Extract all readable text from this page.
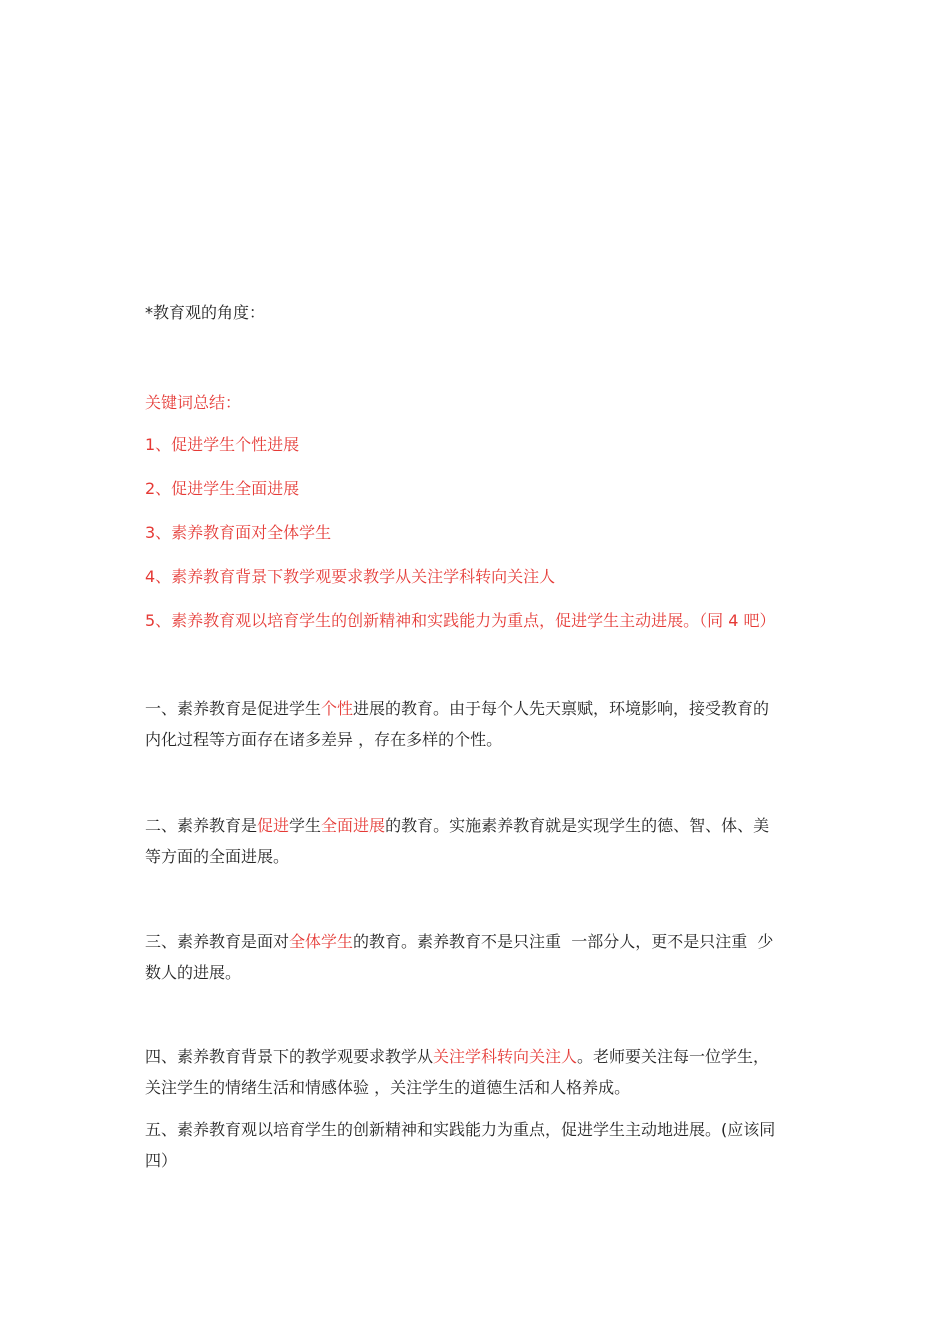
*教育观的角度：
关键词总结：
1、促进学生个性进展
2、促进学生全面进展
3、素养教育面对全体学生
4、素养教育背景下教学观要求教学从关注学科转向关注人
5、素养教育观以培育学生的创新精神和实践能力为重点，促进学生主动进展。（同 4 吧）
一、素养教育是促进学生个性进展的教育。由于每个人先天禀赋，环境影响，接受教育的
内化过程等方面存在诸多差异 ，存在多样的个性。
二、素养教育是促进学生全面进展的教育。实施素养教育就是实现学生的德、智、体、美
等方面的全面进展。
三、素养教育是面对全体学生的教育。素养教育不是只注重  一部分人，更不是只注重  少
数人的进展。
四、素养教育背景下的教学观要求教学从关注学科转向关注人。老师要关注每一位学生，
关注学生的情绪生活和情感体验 ，关注学生的道德生活和人格养成。
五、素养教育观以培育学生的创新精神和实践能力为重点，促进学生主动地进展。(应该同
四）
